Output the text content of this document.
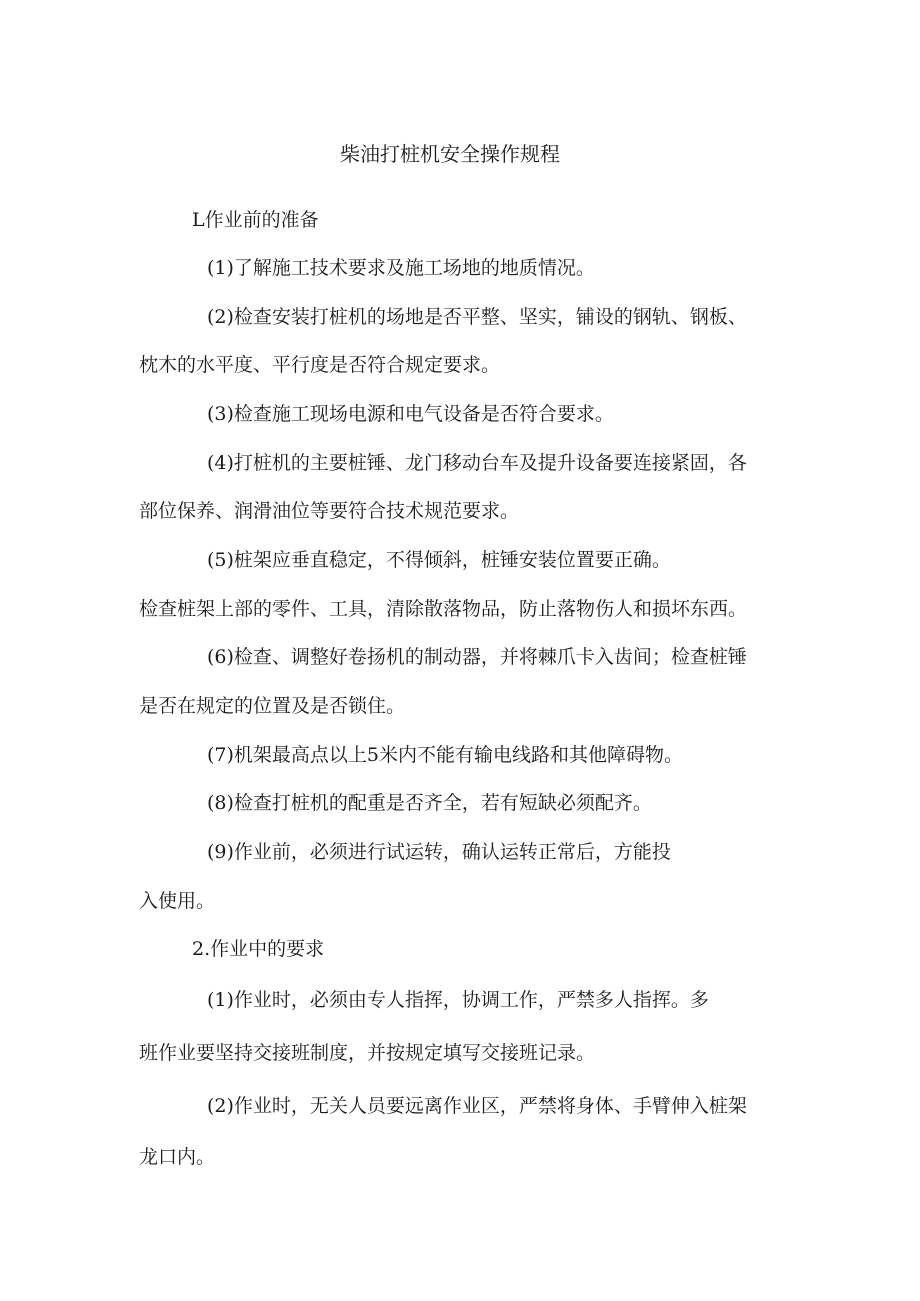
柴油打桩机安全操作规程
L作业前的准备
(1)了解施工技术要求及施工场地的地质情况。
(2)检查安装打桩机的场地是否平整、坚实，铺设的钢轨、钢板、
枕木的水平度、平行度是否符合规定要求。
(3)检查施工现场电源和电气设备是否符合要求。
(4)打桩机的主要桩锤、龙门移动台车及提升设备要连接紧固，各
部位保养、润滑油位等要符合技术规范要求。
(5)桩架应垂直稳定，不得倾斜，桩锤安装位置要正确。
检查桩架上部的零件、工具，清除散落物品，防止落物伤人和损坏东西。
(6)检查、调整好卷扬机的制动器，并将棘爪卡入齿间；检查桩锤
是否在规定的位置及是否锁住。
(7)机架最高点以上5米内不能有输电线路和其他障碍物。
(8)检查打桩机的配重是否齐全，若有短缺必须配齐。
(9)作业前，必须进行试运转，确认运转正常后，方能投
入使用。
2.作业中的要求
(1)作业时，必须由专人指挥，协调工作，严禁多人指挥。多
班作业要坚持交接班制度，并按规定填写交接班记录。
(2)作业时，无关人员要远离作业区，严禁将身体、手臂伸入桩架
龙口内。
